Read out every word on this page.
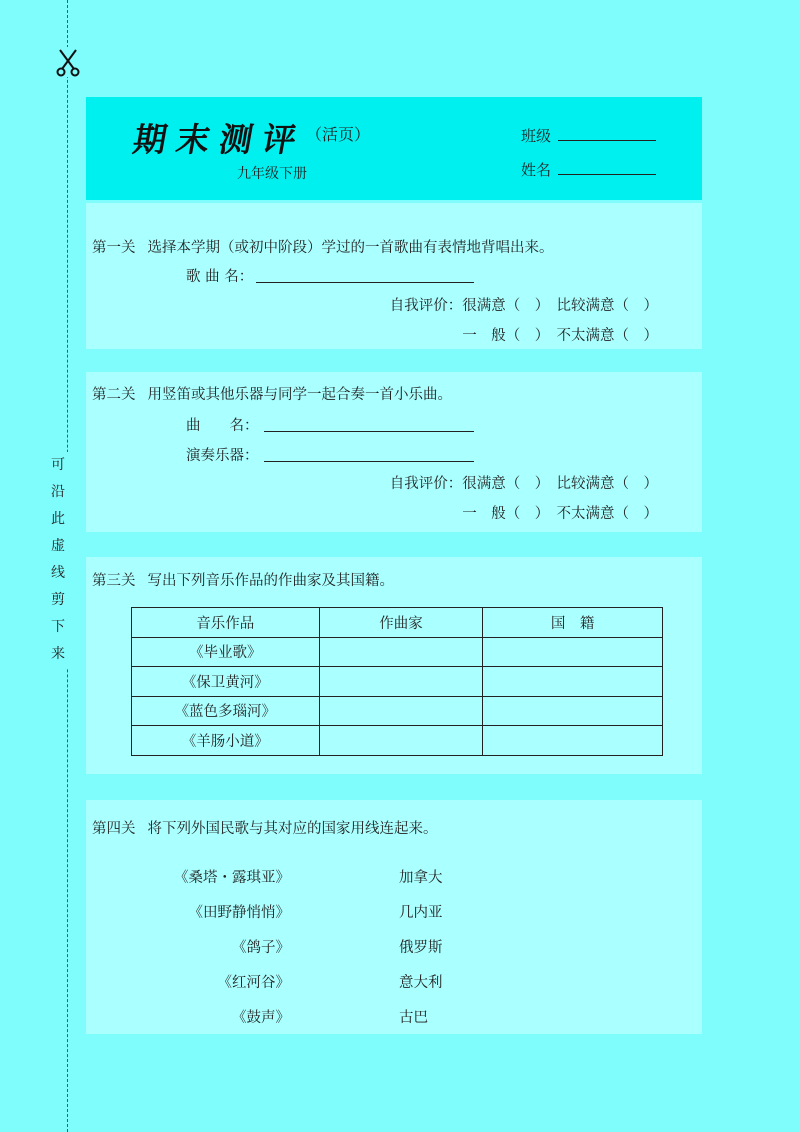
可
沿
此
虚
线
剪
下
来
期末测评
（活页）
九年级下册
班级
姓名
第一关 选择本学期（或初中阶段）学过的一首歌曲有表情地背唱出来。
歌 曲 名：
自我评价：很满意（　）　比较满意（　）
一　般（　）　不太满意（　）
第二关 用竖笛或其他乐器与同学一起合奏一首小乐曲。
曲　　名：
演奏乐器：
自我评价：很满意（　）　比较满意（　）
一　般（　）　不太满意（　）
第三关 写出下列音乐作品的作曲家及其国籍。
音乐作品	作曲家	国　籍
《毕业歌》		
《保卫黄河》		
《蓝色多瑙河》		
《羊肠小道》		
第四关 将下列外国民歌与其对应的国家用线连起来。
《桑塔・露琪亚》
《田野静悄悄》
《鸽子》
《红河谷》
《鼓声》
加拿大
几内亚
俄罗斯
意大利
古巴
